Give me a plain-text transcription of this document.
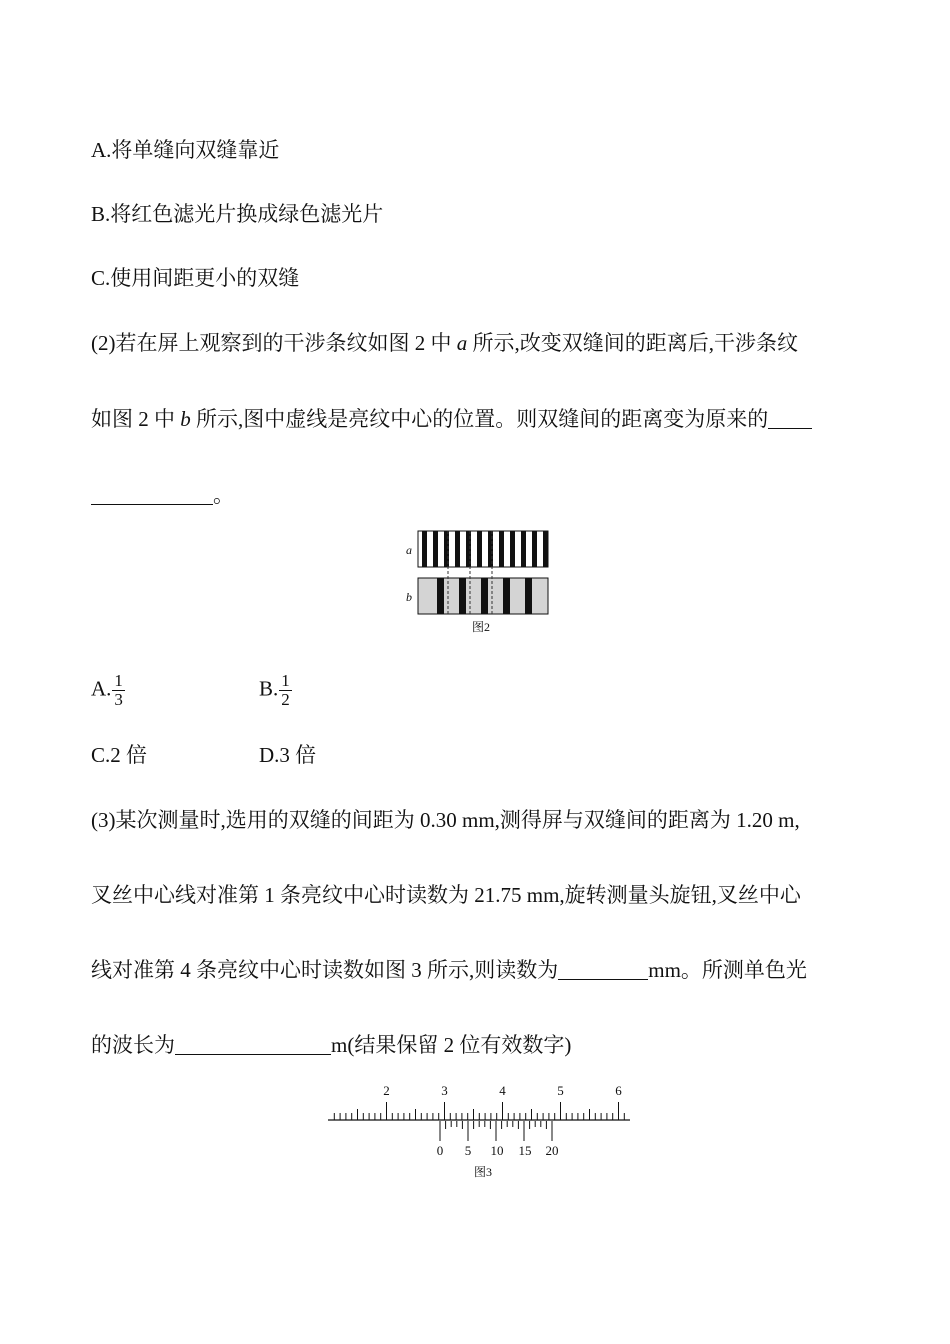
A.将单缝向双缝靠近
B.将红色滤光片换成绿色滤光片
C.使用间距更小的双缝
(2)若在屏上观察到的干涉条纹如图 2 中 a 所示,改变双缝间的距离后,干涉条纹
如图 2 中 b 所示,图中虚线是亮纹中心的位置。则双缝间的距离变为原来的
。
a
b
图2
A. $\frac{1}{3}$	B. $\frac{1}{2}$
C.2 倍	D.3 倍
(3)某次测量时,选用的双缝的间距为 0.30 mm,测得屏与双缝间的距离为 1.20 m,
叉丝中心线对准第 1 条亮纹中心时读数为 21.75 mm,旋转测量头旋钮,叉丝中心
线对准第 4 条亮纹中心时读数如图 3 所示,则读数为	mm。所测单色光
的波长为	m(结果保留 2 位有效数字)
2	3	4	5	6
0 5 10 15 20
图3
